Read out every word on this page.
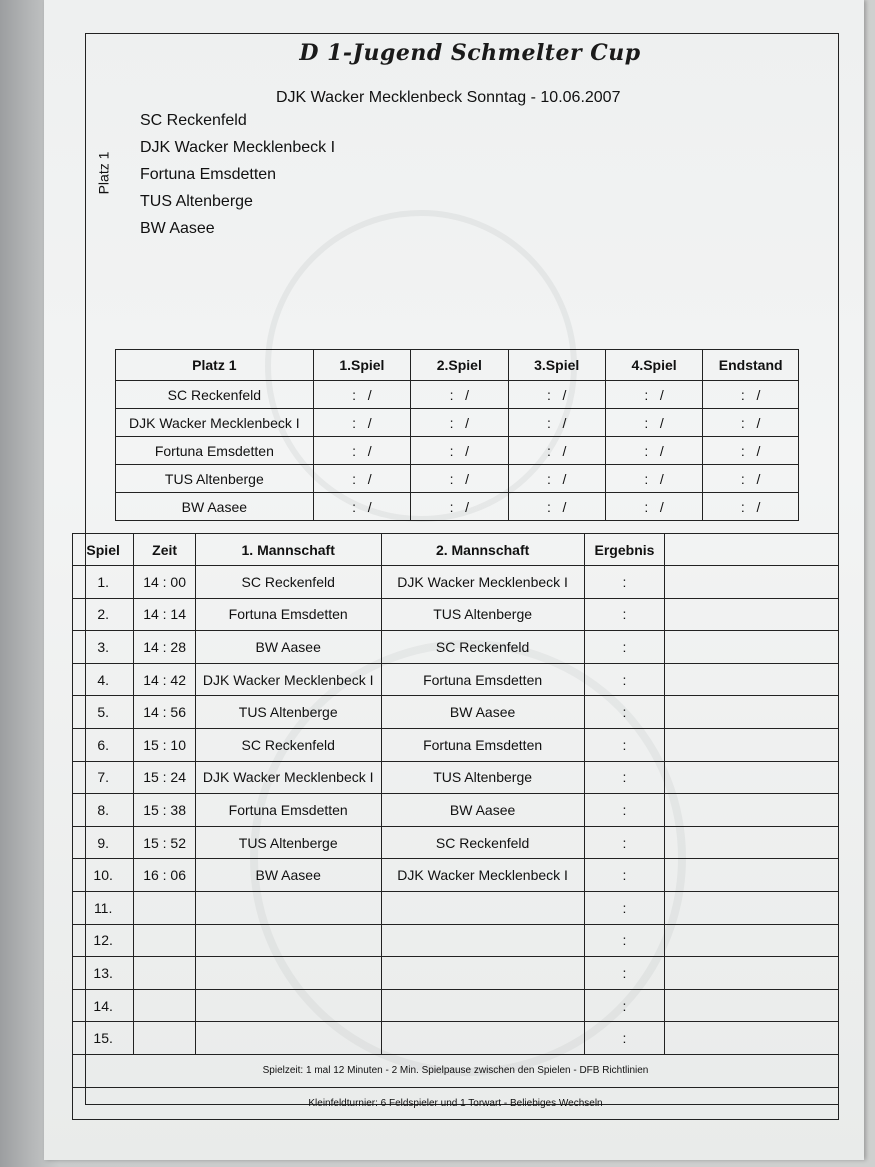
D 1-Jugend Schmelter Cup
DJK Wacker Mecklenbeck Sonntag - 10.06.2007
Platz 1
SC Reckenfeld
DJK Wacker Mecklenbeck I
Fortuna Emsdetten
TUS Altenberge
BW Aasee
Platz 1	1.Spiel	2.Spiel	3.Spiel	4.Spiel	Endstand
SC Reckenfeld	:   /	:   /	:   /	:   /	:   /
DJK Wacker Mecklenbeck I	:   /	:   /	:   /	:   /	:   /
Fortuna Emsdetten	:   /	:   /	:   /	:   /	:   /
TUS Altenberge	:   /	:   /	:   /	:   /	:   /
BW Aasee	:   /	:   /	:   /	:   /	:   /
Spiel	Zeit	1. Mannschaft	2. Mannschaft	Ergebnis	
1.	14 : 00	SC Reckenfeld	DJK Wacker Mecklenbeck I	:	
2.	14 : 14	Fortuna Emsdetten	TUS Altenberge	:	
3.	14 : 28	BW Aasee	SC Reckenfeld	:	
4.	14 : 42	DJK Wacker Mecklenbeck I	Fortuna Emsdetten	:	
5.	14 : 56	TUS Altenberge	BW Aasee	:	
6.	15 : 10	SC Reckenfeld	Fortuna Emsdetten	:	
7.	15 : 24	DJK Wacker Mecklenbeck I	TUS Altenberge	:	
8.	15 : 38	Fortuna Emsdetten	BW Aasee	:	
9.	15 : 52	TUS Altenberge	SC Reckenfeld	:	
10.	16 : 06	BW Aasee	DJK Wacker Mecklenbeck I	:	
11.				:	
12.				:	
13.				:	
14.				:	
15.				:	
Spielzeit: 1 mal 12 Minuten - 2 Min. Spielpause zwischen den Spielen - DFB Richtlinien					
Kleinfeldturnier: 6 Feldspieler und 1 Torwart - Beliebiges Wechseln					
